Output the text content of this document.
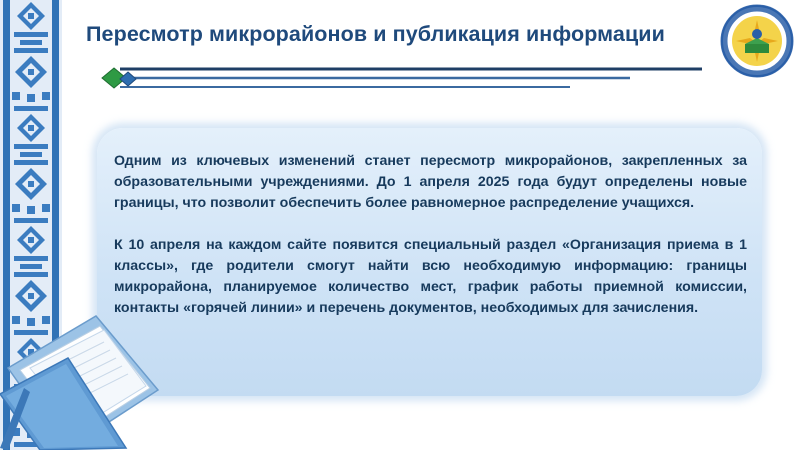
Пересмотр микрорайонов и публикация информации

Одним из ключевых изменений станет пересмотр микрорайонов, закрепленных за образовательными учреждениями. До 1 апреля 2025 года будут определены новые границы, что позволит обеспечить более равномерное распределение учащихся.

К 10 апреля на каждом сайте появится специальный раздел «Организация приема в 1 классы», где родители смогут найти всю необходимую информацию: границы микрорайона, планируемое количество мест, график работы приемной комиссии, контакты «горячей линии» и перечень документов, необходимых для зачисления.
